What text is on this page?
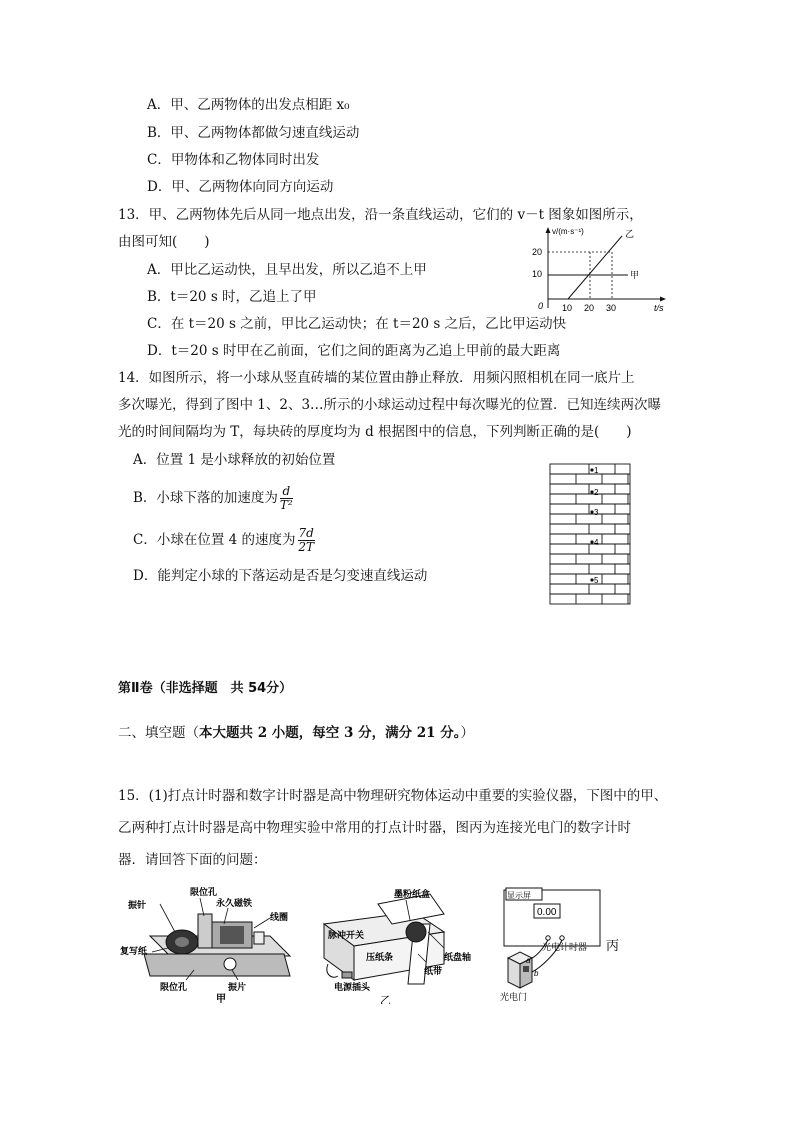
A．甲、乙两物体的出发点相距 x₀
B．甲、乙两物体都做匀速直线运动
C．甲物体和乙物体同时出发
D．甲、乙两物体向同方向运动
13．甲、乙两物体先后从同一地点出发，沿一条直线运动，它们的 v－t 图象如图所示，
由图可知(　　)
A．甲比乙运动快，且早出发，所以乙追不上甲
B．t＝20 s 时，乙追上了甲
C．在 t＝20 s 之前，甲比乙运动快；在 t＝20 s 之后，乙比甲运动快
D．t＝20 s 时甲在乙前面，它们之间的距离为乙追上甲前的最大距离
v/(m·s⁻¹)
t/s
0
10
20
10 20 30
甲
乙
14．如图所示，将一小球从竖直砖墙的某位置由静止释放．用频闪照相机在同一底片上
多次曝光，得到了图中 1、2、3…所示的小球运动过程中每次曝光的位置．已知连续两次曝
光的时间间隔均为 T，每块砖的厚度均为 d 根据图中的信息，下列判断正确的是(　　)
A．位置 1 是小球释放的初始位置
B．小球下落的加速度为 $\frac{d}{\text{T²}}$
C．小球在位置 4 的速度为 $\frac{7d}{2T}$
D．能判定小球的下落运动是否是匀变速直线运动
1
2
3
4
5
第Ⅱ卷（非选择题　共 54分）
二、填空题（本大题共 2 小题，每空 3 分，满分 21 分。）
15．(1)打点计时器和数字计时器是高中物理研究物体运动中重要的实验仪器，下图中的甲、
乙两种打点计时器是高中物理实验中常用的打点计时器，图丙为连接光电门的数字计时
器．请回答下面的问题：
限位孔
振针	永久磁铁
线圈
复写纸
限位孔	振片
甲
墨粉纸盒
脉冲开关
压纸条	纸盘轴
纸带
电源插头
乙
显示屏
0.00
光电计时器
a
b
光电门
丙
